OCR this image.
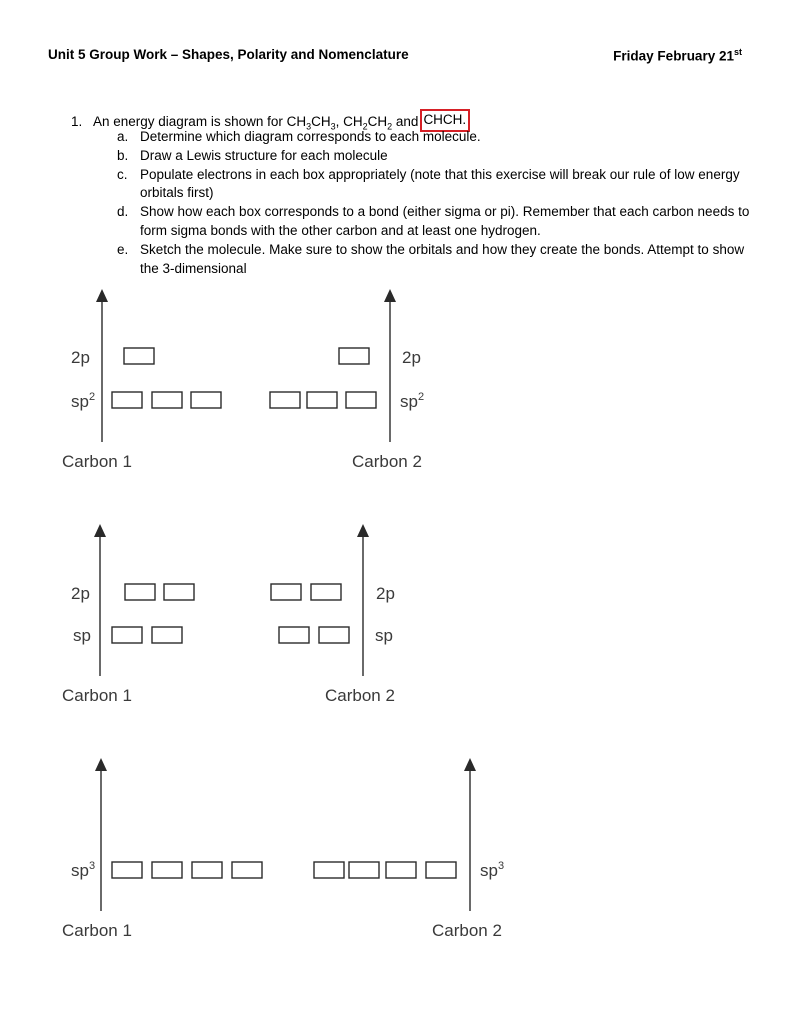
Unit 5 Group Work – Shapes, Polarity and Nomenclature	Friday February 21st
1. An energy diagram is shown for $CH_3CH_3$, $CH_2CH_2$ and CHCH.
a. Determine which diagram corresponds to each molecule.
b. Draw a Lewis structure for each molecule
c. Populate electrons in each box appropriately (note that this exercise will break our rule of low energy orbitals first)
d. Show how each box corresponds to a bond (either sigma or pi). Remember that each carbon needs to form sigma bonds with the other carbon and at least one hydrogen.
e. Sketch the molecule. Make sure to show the orbitals and how they create the bonds. Attempt to show the 3-dimensional
2p
$sp^2$
2p
$sp^2$
Carbon 1	Carbon 2
2p
sp
2p
sp
Carbon 1	Carbon 2
$sp^3$	$sp^3$
Carbon 1	Carbon 2
